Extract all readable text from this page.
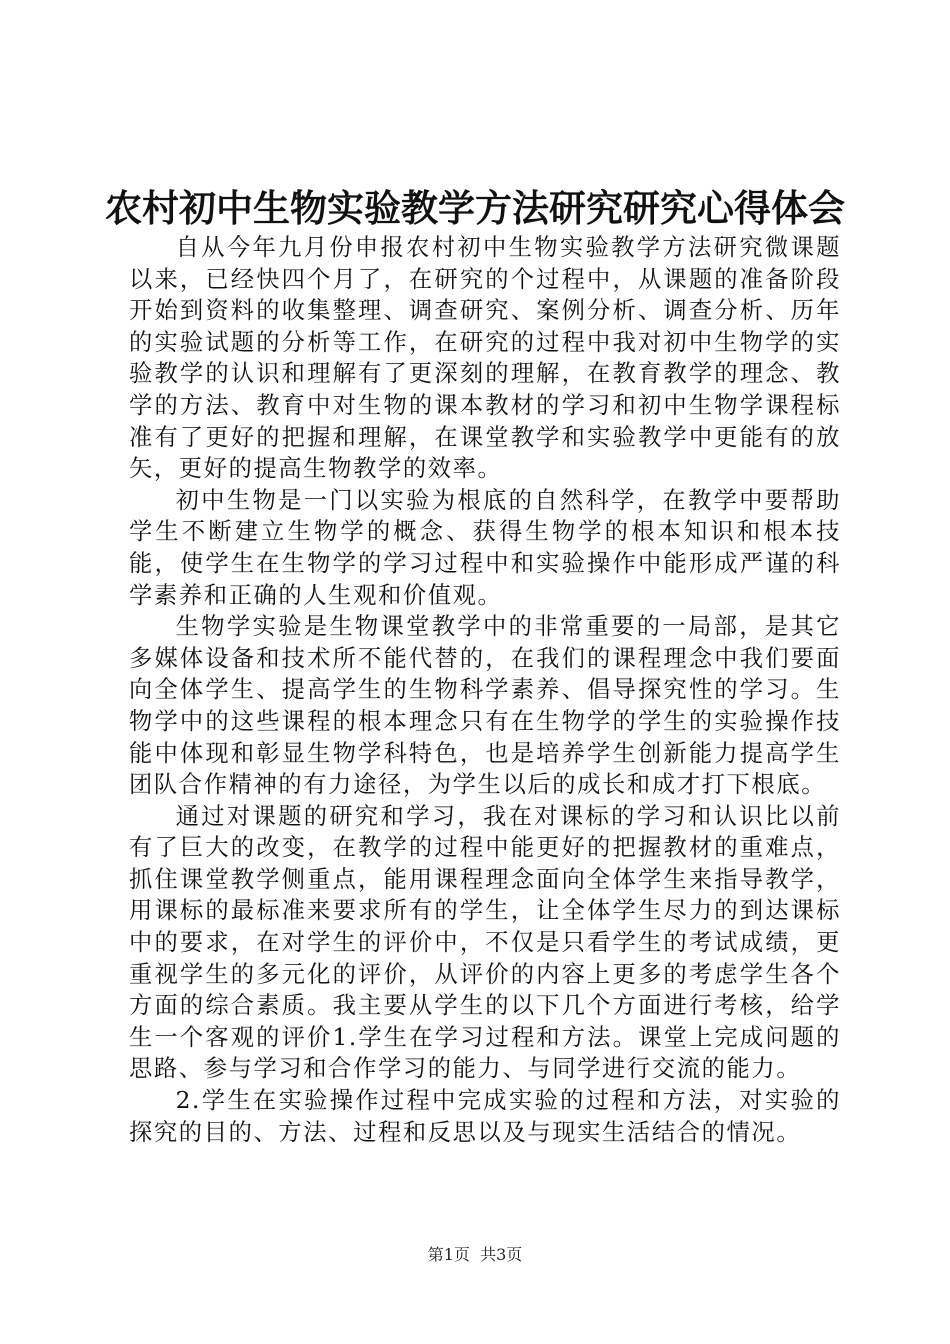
农村初中生物实验教学方法研究研究心得体会

自从今年九月份申报农村初中生物实验教学方法研究微课题以来，已经快四个月了，在研究的个过程中，从课题的准备阶段开始到资料的收集整理、调查研究、案例分析、调查分析、历年的实验试题的分析等工作，在研究的过程中我对初中生物学的实验教学的认识和理解有了更深刻的理解，在教育教学的理念、教学的方法、教育中对生物的课本教材的学习和初中生物学课程标准有了更好的把握和理解，在课堂教学和实验教学中更能有的放矢，更好的提高生物教学的效率。

初中生物是一门以实验为根底的自然科学，在教学中要帮助学生不断建立生物学的概念、获得生物学的根本知识和根本技能，使学生在生物学的学习过程中和实验操作中能形成严谨的科学素养和正确的人生观和价值观。

生物学实验是生物课堂教学中的非常重要的一局部，是其它多媒体设备和技术所不能代替的，在我们的课程理念中我们要面向全体学生、提高学生的生物科学素养、倡导探究性的学习。生物学中的这些课程的根本理念只有在生物学的学生的实验操作技能中体现和彰显生物学科特色，也是培养学生创新能力提高学生团队合作精神的有力途径，为学生以后的成长和成才打下根底。

通过对课题的研究和学习，我在对课标的学习和认识比以前有了巨大的改变，在教学的过程中能更好的把握教材的重难点，抓住课堂教学侧重点，能用课程理念面向全体学生来指导教学，用课标的最标准来要求所有的学生，让全体学生尽力的到达课标中的要求，在对学生的评价中，不仅是只看学生的考试成绩，更重视学生的多元化的评价，从评价的内容上更多的考虑学生各个方面的综合素质。我主要从学生的以下几个方面进行考核，给学生一个客观的评价1.学生在学习过程和方法。课堂上完成问题的思路、参与学习和合作学习的能力、与同学进行交流的能力。

2.学生在实验操作过程中完成实验的过程和方法，对实验的探究的目的、方法、过程和反思以及与现实生活结合的情况。

第1页 共3页
